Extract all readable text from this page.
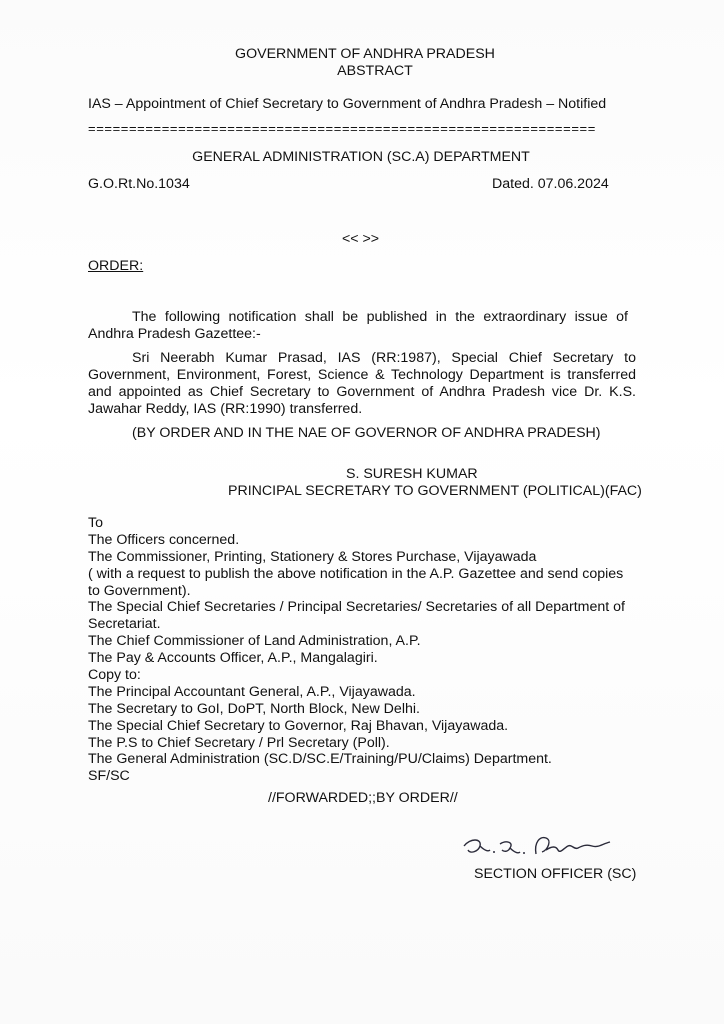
GOVERNMENT OF ANDHRA PRADESH
ABSTRACT
IAS – Appointment of Chief Secretary to Government of Andhra Pradesh – Notified
==============================================================
GENERAL ADMINISTRATION (SC.A) DEPARTMENT
G.O.Rt.No.1034	Dated. 07.06.2024
<< >>
ORDER:
The following notification shall be published in the extraordinary issue of Andhra Pradesh Gazettee:-
Sri Neerabh Kumar Prasad, IAS (RR:1987), Special Chief Secretary to Government, Environment, Forest, Science & Technology Department is transferred and appointed as Chief Secretary to Government of Andhra Pradesh vice Dr. K.S. Jawahar Reddy, IAS (RR:1990) transferred.
(BY ORDER AND IN THE NAE OF GOVERNOR OF ANDHRA PRADESH)
S. SURESH KUMAR
PRINCIPAL SECRETARY TO GOVERNMENT (POLITICAL)(FAC)
To
The Officers concerned.
The Commissioner, Printing, Stationery & Stores Purchase, Vijayawada
( with a request to publish the above notification in the A.P. Gazettee and send copies
to Government).
The Special Chief Secretaries / Principal Secretaries/ Secretaries of all Department of
Secretariat.
The Chief Commissioner of Land Administration, A.P.
The Pay & Accounts Officer, A.P., Mangalagiri.
Copy to:
The Principal Accountant General, A.P., Vijayawada.
The Secretary to GoI, DoPT, North Block, New Delhi.
The Special Chief Secretary to Governor, Raj Bhavan, Vijayawada.
The P.S to Chief Secretary / Prl Secretary (Poll).
The General Administration (SC.D/SC.E/Training/PU/Claims) Department.
SF/SC
//FORWARDED;;BY ORDER//
SECTION OFFICER (SC)
